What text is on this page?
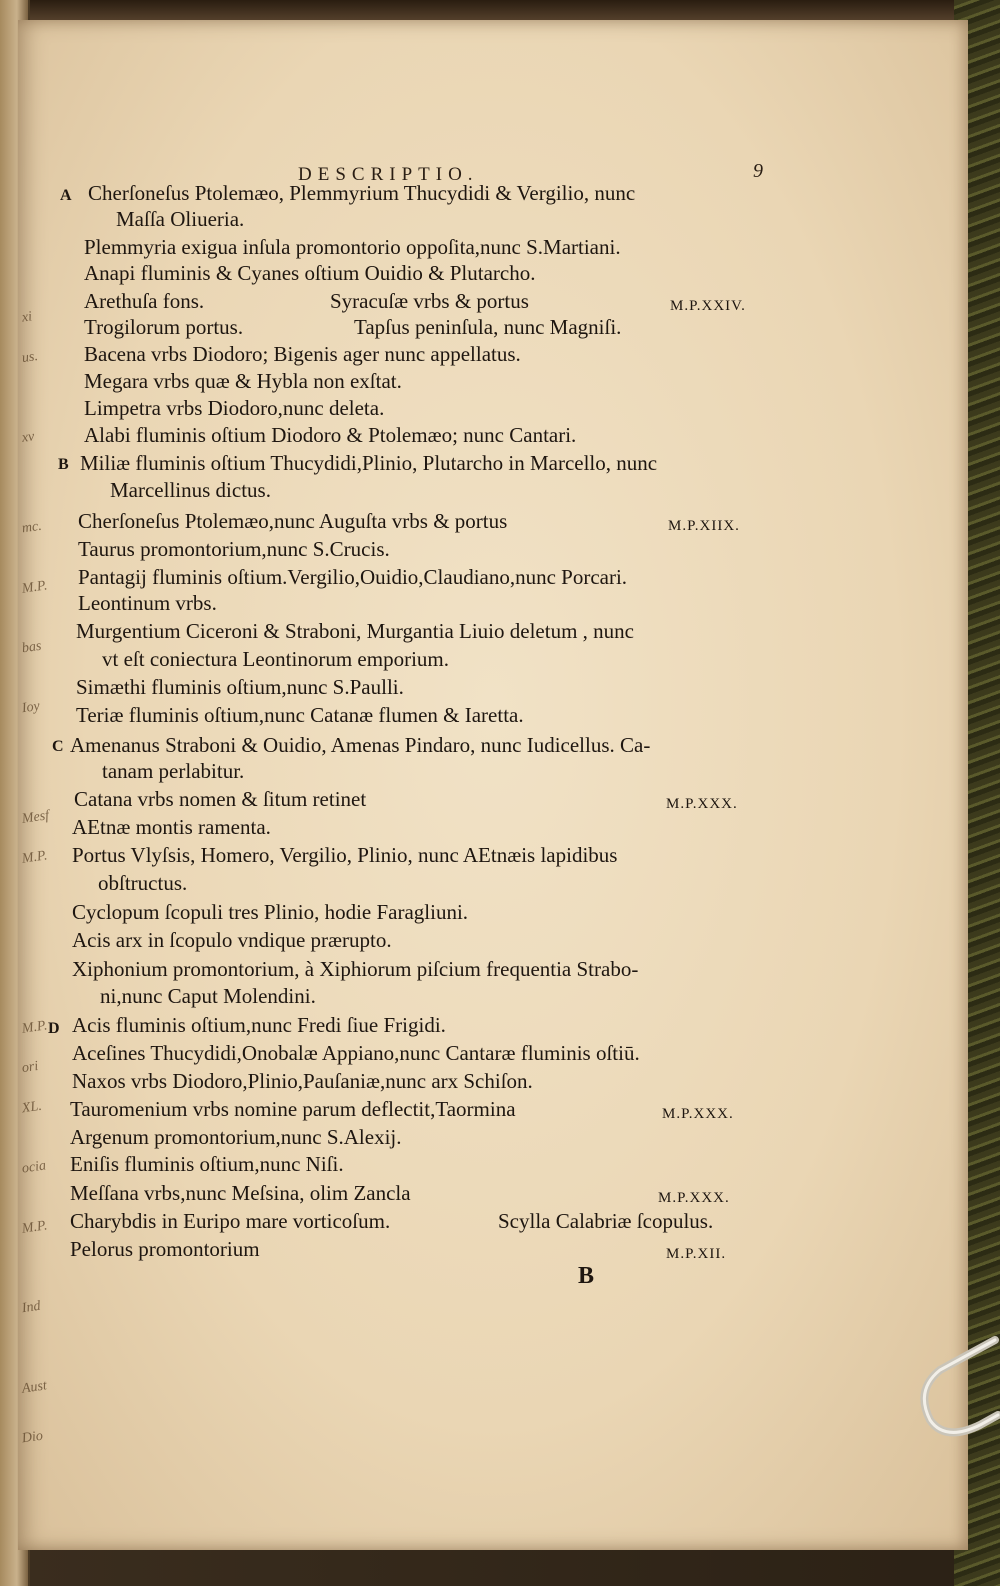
xi
us.
xv
mc.
M.P.
bas
Ioy
Mesf
M.P.
M.P.
ori
XL.
ocia
M.P.
Ind
Aust
Dio
DESCRIPTIO.	9
A
B
C
D
Cherſoneſus Ptolemæo, Plemmyrium Thucydidi & Vergilio, nunc
Maſſa Oliueria.
Plemmyria exigua inſula promontorio oppoſita,nunc S.Martiani.
Anapi fluminis & Cyanes oſtium Ouidio & Plutarcho.
Arethuſa fons.	Syracuſæ vrbs & portus
Trogilorum portus.	Tapſus peninſula, nunc Magniſi.
Bacena vrbs Diodoro; Bigenis ager nunc appellatus.
Megara vrbs quæ & Hybla non exſtat.
Limpetra vrbs Diodoro,nunc deleta.
Alabi fluminis oſtium Diodoro & Ptolemæo; nunc Cantari.
Miliæ fluminis oſtium Thucydidi,Plinio, Plutarcho in Marcello, nunc
Marcellinus dictus.
Cherſoneſus Ptolemæo,nunc Auguſta vrbs & portus
Taurus promontorium,nunc S.Crucis.
Pantagij fluminis oſtium.Vergilio,Ouidio,Claudiano,nunc Porcari.
Leontinum vrbs.
Murgentium Ciceroni & Straboni, Murgantia Liuio deletum , nunc
vt eſt coniectura Leontinorum emporium.
Simæthi fluminis oſtium,nunc S.Paulli.
Teriæ fluminis oſtium,nunc Catanæ flumen & Iaretta.
Amenanus Straboni & Ouidio, Amenas Pindaro, nunc Iudicellus. Ca-
tanam perlabitur.
Catana vrbs nomen & ſitum retinet
AEtnæ montis ramenta.
Portus Vlyſsis, Homero, Vergilio, Plinio, nunc AEtnæis lapidibus
obſtructus.
Cyclopum ſcopuli tres Plinio, hodie Faragliuni.
Acis arx in ſcopulo vndique prærupto.
Xiphonium promontorium, à Xiphiorum piſcium frequentia Strabo-
ni,nunc Caput Molendini.
Acis fluminis oſtium,nunc Fredi ſiue Frigidi.
Aceſines Thucydidi,Onobalæ Appiano,nunc Cantaræ fluminis oſtiū.
Naxos vrbs Diodoro,Plinio,Pauſaniæ,nunc arx Schiſon.
Tauromenium vrbs nomine parum deflectit,Taormina
Argenum promontorium,nunc S.Alexij.
Eniſis fluminis oſtium,nunc Niſi.
Meſſana vrbs,nunc Meſsina, olim Zancla
Charybdis in Euripo mare vorticoſum.	Scylla Calabriæ ſcopulus.
Pelorus promontorium
M.P.XXIV.
M.P.XIIX.
M.P.XXX.
M.P.XXX.
M.P.XXX.
M.P.XII.
B
